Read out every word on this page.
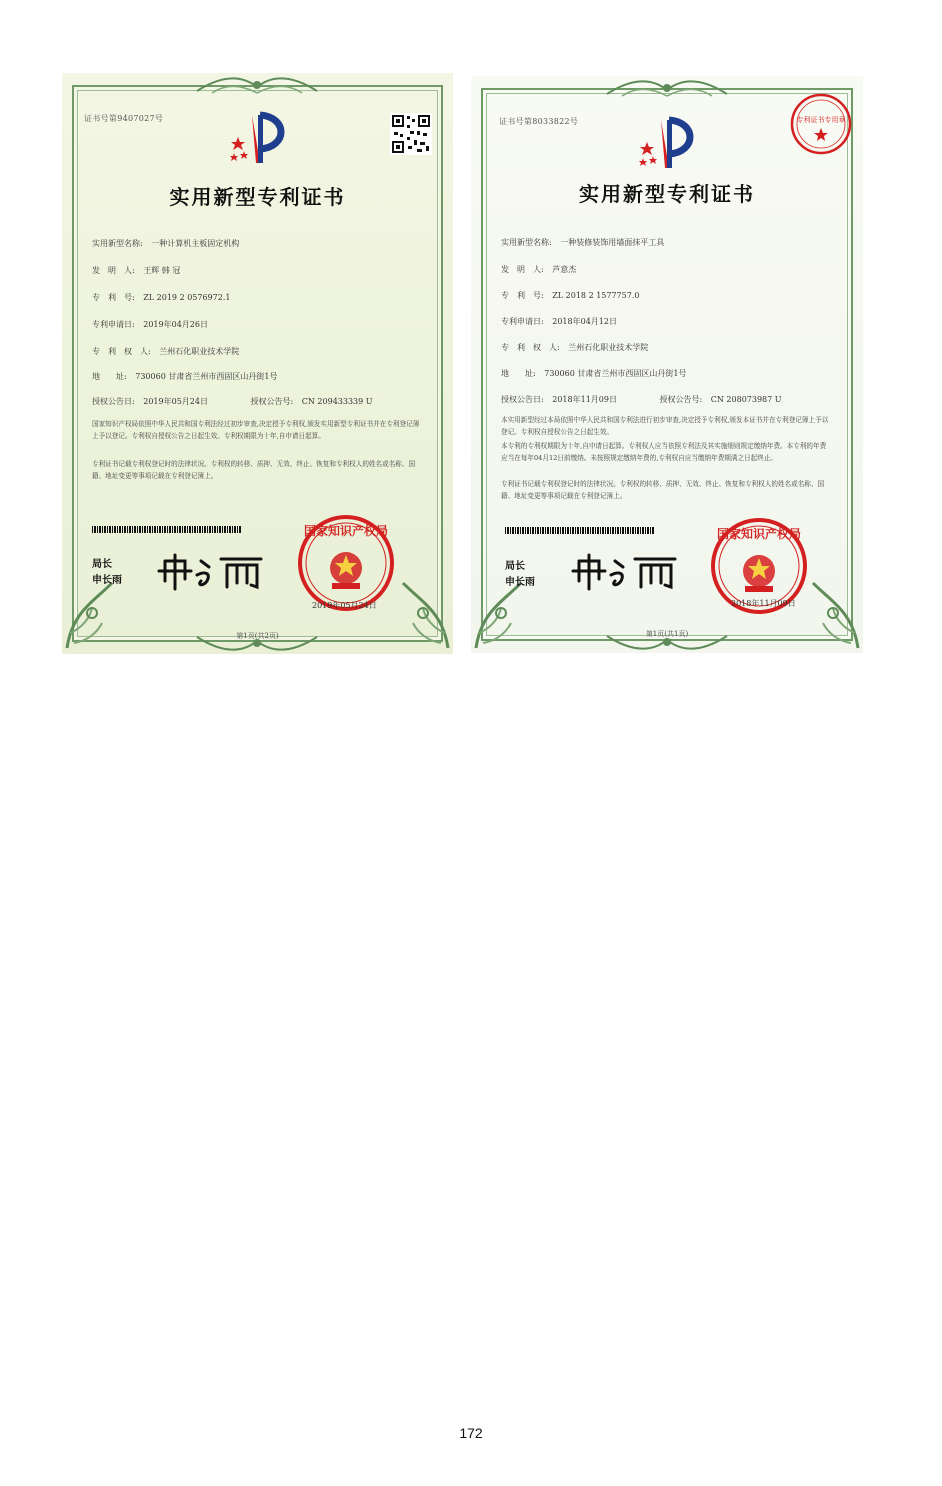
证书号第9407027号
实用新型专利证书
实用新型名称: 一种计算机主板固定机构
发　明　人: 王辉 韩 冠
专　利　号: ZL 2019 2 0576972.1
专利申请日: 2019年04月26日
专　利　权　人: 兰州石化职业技术学院
地　　址: 730060 甘肃省兰州市西固区山丹街1号
授权公告日: 2019年05月24日	授权公告号: CN 209433339 U
国家知识产权局依照中华人民共和国专利法经过初步审查,决定授予专利权,颁发实用新型专利证书并在专利登记簿上予以登记。专利权自授权公告之日起生效。专利权期限为十年,自申请日起算。
专利证书记载专利权登记时的法律状况。专利权的转移、质押、无效、终止、恢复和专利权人的姓名或名称、国籍、地址变更等事项记载在专利登记簿上。
局长
申长雨
国家知识产权局
2019年05月24日
第1页(共2页)
证书号第8033822号	专利证书专用章
实用新型专利证书
实用新型名称: 一种装修装饰用墙面抹平工具
发　明　人: 芦意杰
专　利　号: ZL 2018 2 1577757.0
专利申请日: 2018年04月12日
专　利　权　人: 兰州石化职业技术学院
地　　址: 730060 甘肃省兰州市西固区山丹街1号
授权公告日: 2018年11月09日	授权公告号: CN 208073987 U
本实用新型经过本局依照中华人民共和国专利法进行初步审查,决定授予专利权,颁发本证书并在专利登记簿上予以登记。专利权自授权公告之日起生效。
本专利的专利权期限为十年,自申请日起算。专利权人应当依照专利法及其实施细则规定缴纳年费。本专利的年费应当在每年04月12日前缴纳。未按照规定缴纳年费的,专利权自应当缴纳年费期满之日起终止。
专利证书记载专利权登记时的法律状况。专利权的转移、质押、无效、终止、恢复和专利权人的姓名或名称、国籍、地址变更等事项记载在专利登记簿上。
局长
申长雨
国家知识产权局
2018年11月09日
第1页(共1页)
172
